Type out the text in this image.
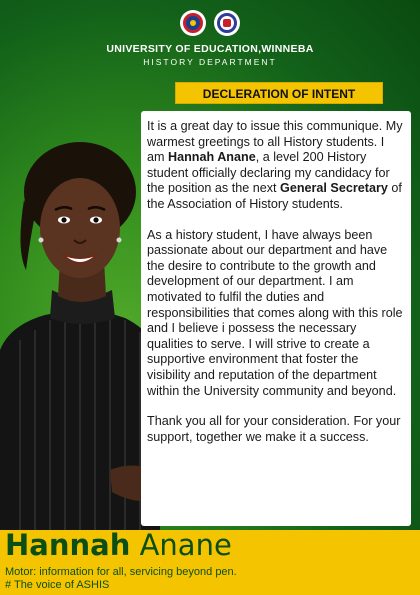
UNIVERSITY OF EDUCATION,WINNEBA
HISTORY DEPARTMENT
DECLERATION OF INTENT

It is a great day to issue this communique. My warmest greetings to all History students. I am Hannah Anane, a level 200 History student officially declaring my candidacy for the position as the next General Secretary of the Association of History students.

As a history student, I have always been passionate about our department and have the desire to contribute to the growth and development of our department. I am motivated to fulfil the duties and responsibilities that comes along with this role and I believe i possess the necessary qualities to serve. I will strive to create a supportive environment that foster the visibility and reputation of the department within the University community and beyond.

Thank you all for your consideration. For your support, together we make it a success.

Hannah Anane
Motor: information for all, servicing beyond pen.
# The voice of ASHIS
